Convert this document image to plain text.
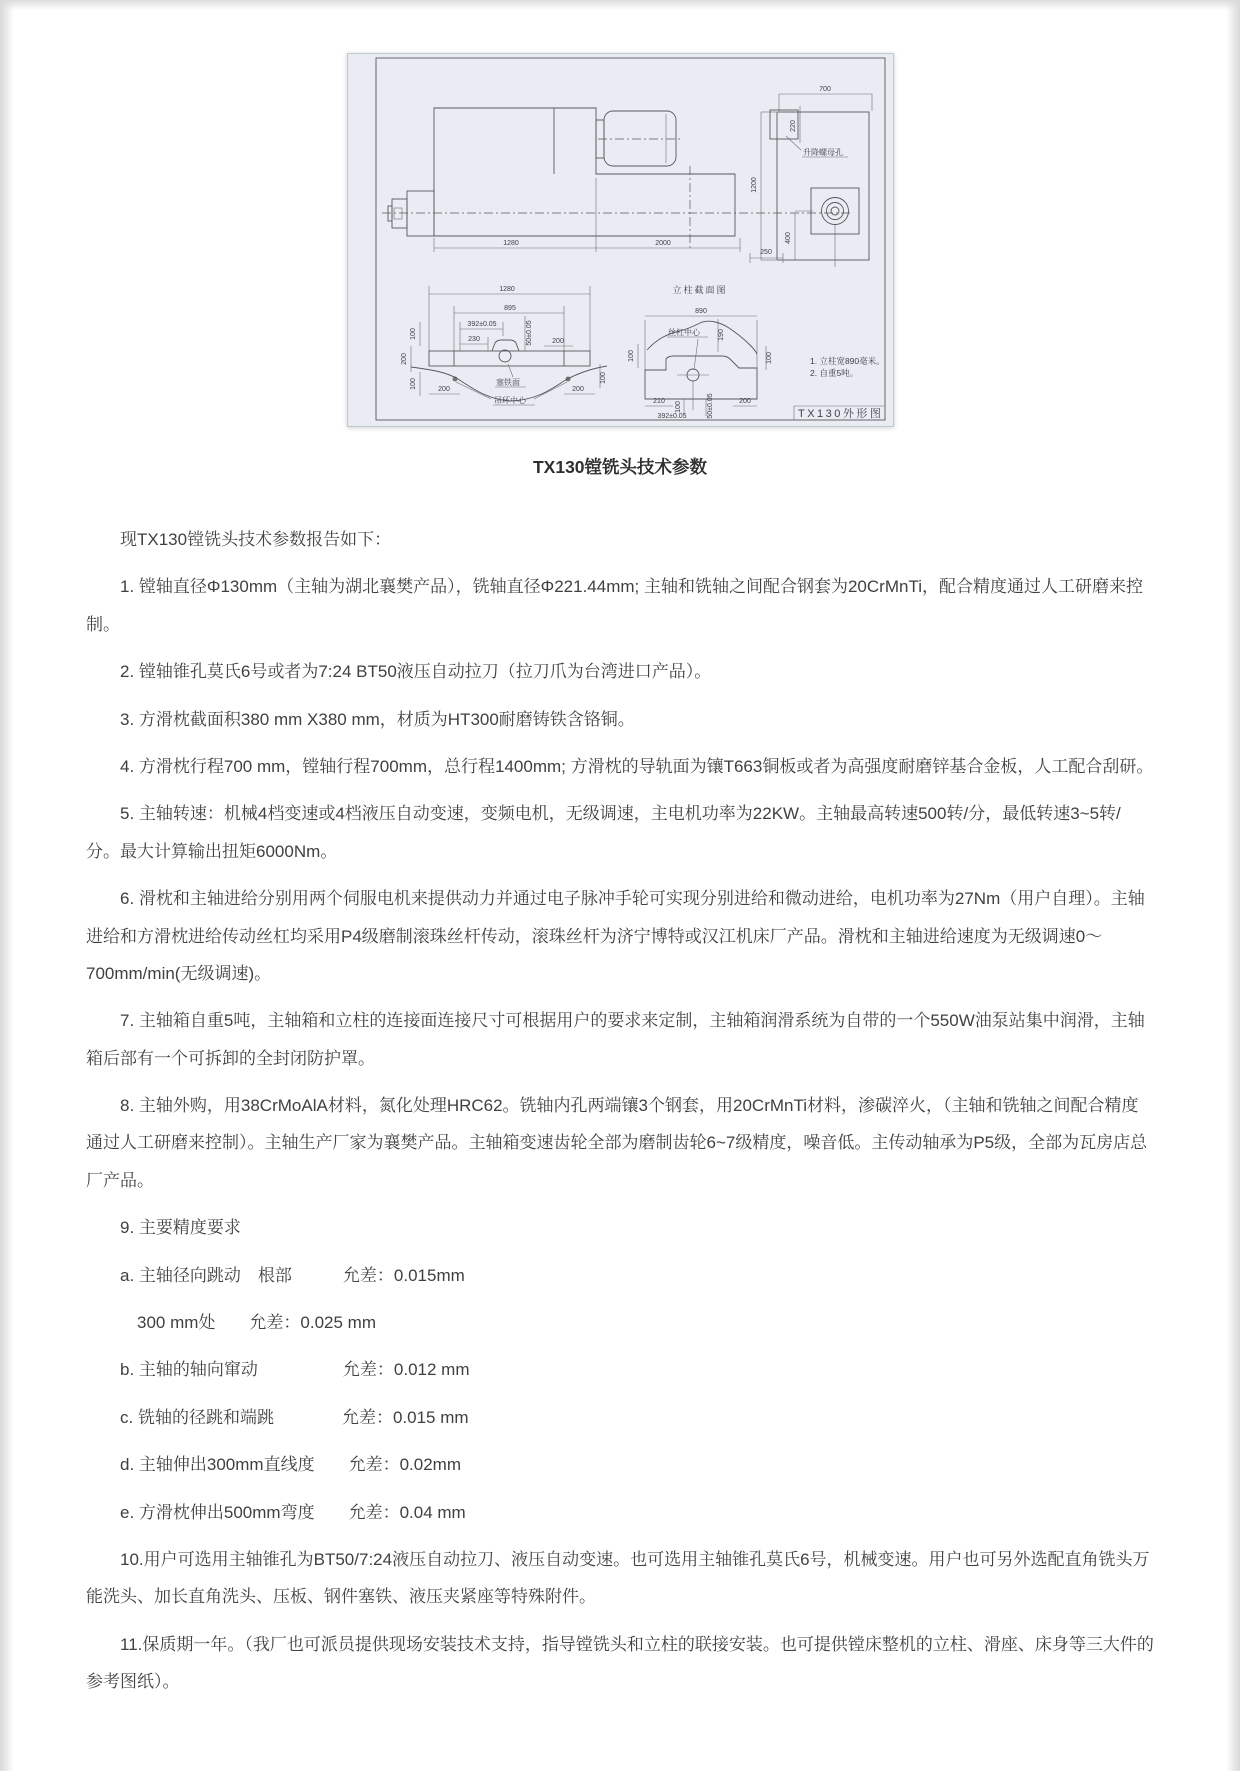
1280	2000
700
220
1200
400
250
升降螺母孔
1280
895
392±0.05
230	50±0.05	200
100
200
100	200	200
100
塞铁面
吊环中心
立柱截面图
丝杠中心
890
190
100	100
210 100	50±0.05	200
392±0.05
1. 立柱宽890毫米。
2. 自重5吨。
TX130外形图
TX130镗铣头技术参数

现TX130镗铣头技术参数报告如下：

1. 镗轴直径Φ130mm（主轴为湖北襄樊产品），铣轴直径Φ221.44mm; 主轴和铣轴之间配合钢套为20CrMnTi，配合精度通过人工研磨来控制。

2. 镗轴锥孔莫氏6号或者为7:24 BT50液压自动拉刀（拉刀爪为台湾进口产品）。

3. 方滑枕截面积380 mm X380 mm，材质为HT300耐磨铸铁含铬铜。

4. 方滑枕行程700 mm，镗轴行程700mm，总行程1400mm; 方滑枕的导轨面为镶T663铜板或者为高强度耐磨锌基合金板，人工配合刮研。

5. 主轴转速：机械4档变速或4档液压自动变速，变频电机，无级调速，主电机功率为22KW。主轴最高转速500转/分，最低转速3~5转/分。最大计算输出扭矩6000Nm。

6. 滑枕和主轴进给分别用两个伺服电机来提供动力并通过电子脉冲手轮可实现分别进给和微动进给，电机功率为27Nm（用户自理）。主轴进给和方滑枕进给传动丝杠均采用P4级磨制滚珠丝杆传动，滚珠丝杆为济宁博特或汉江机床厂产品。滑枕和主轴进给速度为无级调速0～700mm/min(无级调速)。

7. 主轴箱自重5吨，主轴箱和立柱的连接面连接尺寸可根据用户的要求来定制，主轴箱润滑系统为自带的一个550W油泵站集中润滑，主轴箱后部有一个可拆卸的全封闭防护罩。

8. 主轴外购，用38CrMoAlA材料，氮化处理HRC62。铣轴内孔两端镶3个钢套，用20CrMnTi材料，渗碳淬火，（主轴和铣轴之间配合精度通过人工研磨来控制）。主轴生产厂家为襄樊产品。主轴箱变速齿轮全部为磨制齿轮6~7级精度，噪音低。主传动轴承为P5级，全部为瓦房店总厂产品。

9. 主要精度要求

a. 主轴径向跳动　根部　　　允差：0.015mm

　300 mm处　　允差：0.025 mm

b. 主轴的轴向窜动　　　　　允差：0.012 mm

c. 铣轴的径跳和端跳　　　　允差：0.015 mm

d. 主轴伸出300mm直线度　　允差：0.02mm

e. 方滑枕伸出500mm弯度　　允差：0.04 mm

10.用户可选用主轴锥孔为BT50/7:24液压自动拉刀、液压自动变速。也可选用主轴锥孔莫氏6号，机械变速。用户也可另外选配直角铣头万能洗头、加长直角洗头、压板、钢件塞铁、液压夹紧座等特殊附件。

11.保质期一年。（我厂也可派员提供现场安装技术支持，指导镗铣头和立柱的联接安装。也可提供镗床整机的立柱、滑座、床身等三大件的参考图纸）。
